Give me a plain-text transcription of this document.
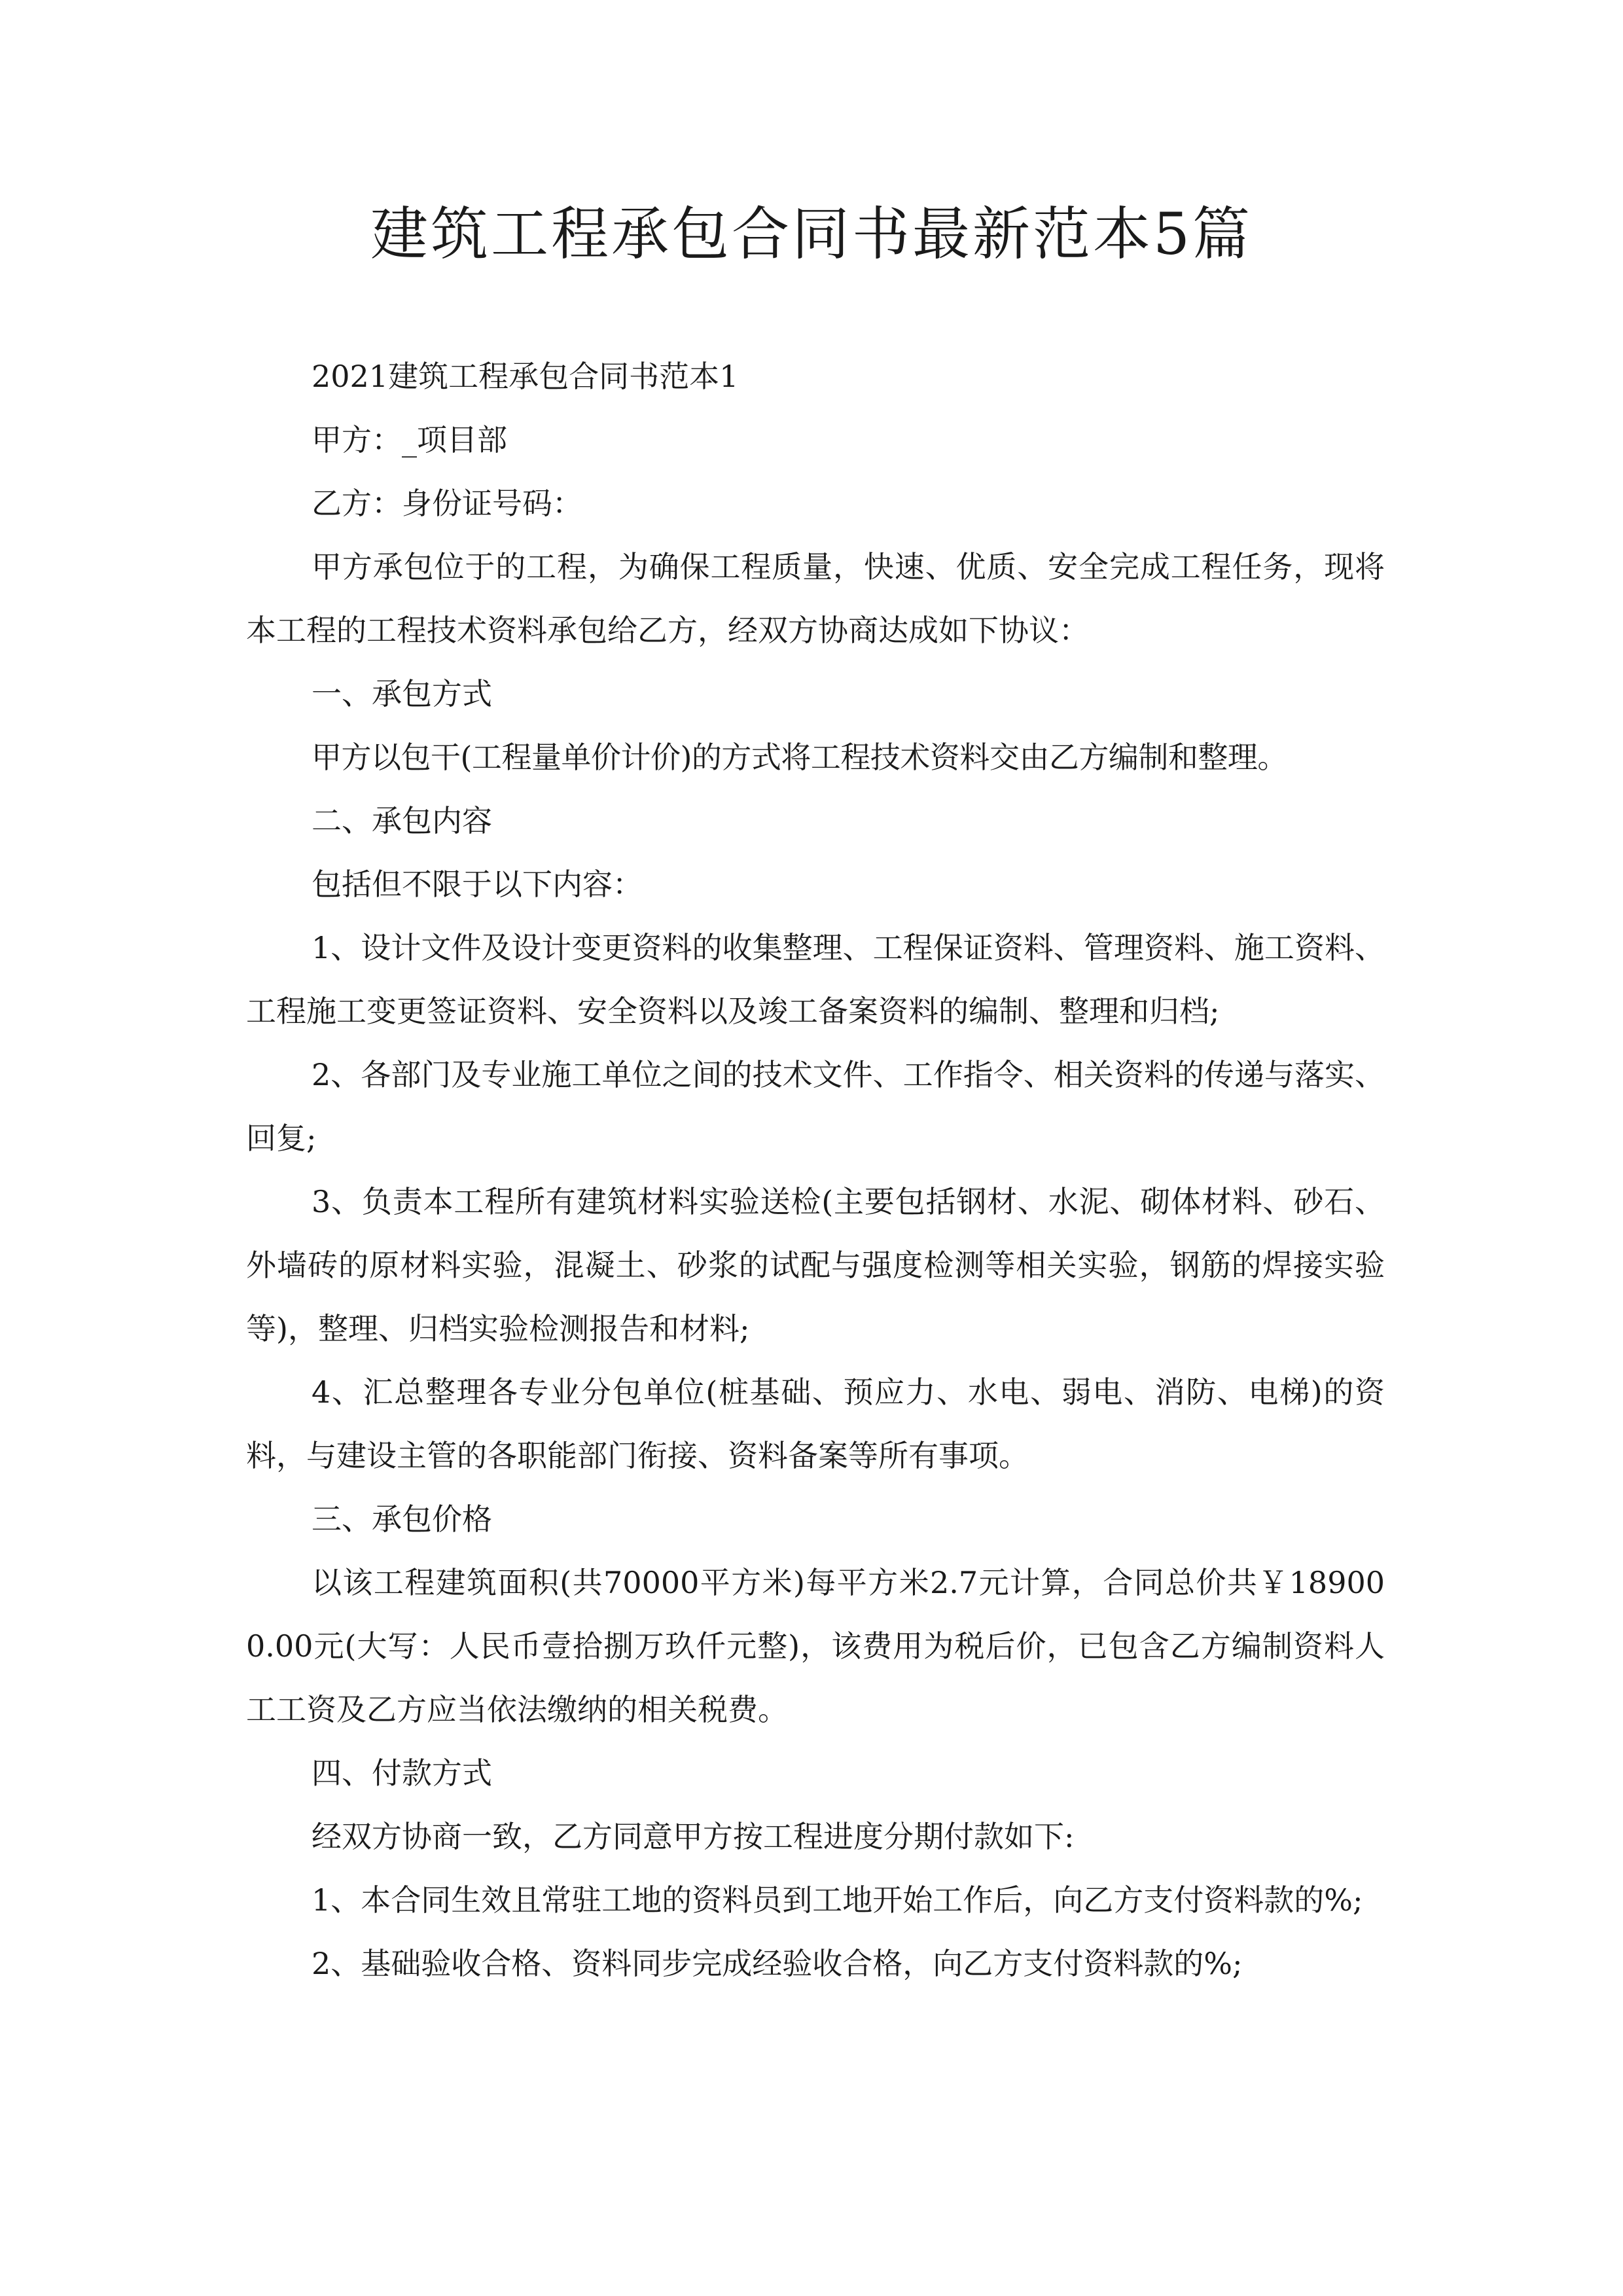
建筑工程承包合同书最新范本5篇

2021建筑工程承包合同书范本1

甲方：_项目部

乙方：身份证号码：

甲方承包位于的工程，为确保工程质量，快速、优质、安全完成工程任务，现将本工程的工程技术资料承包给乙方，经双方协商达成如下协议：

一、承包方式

甲方以包干(工程量单价计价)的方式将工程技术资料交由乙方编制和整理。

二、承包内容

包括但不限于以下内容：

1、设计文件及设计变更资料的收集整理、工程保证资料、管理资料、施工资料、工程施工变更签证资料、安全资料以及竣工备案资料的编制、整理和归档;

2、各部门及专业施工单位之间的技术文件、工作指令、相关资料的传递与落实、回复;

3、负责本工程所有建筑材料实验送检(主要包括钢材、水泥、砌体材料、砂石、外墙砖的原材料实验，混凝土、砂浆的试配与强度检测等相关实验，钢筋的焊接实验等)，整理、归档实验检测报告和材料;

4、汇总整理各专业分包单位(桩基础、预应力、水电、弱电、消防、电梯)的资料，与建设主管的各职能部门衔接、资料备案等所有事项。

三、承包价格

以该工程建筑面积(共70000平方米)每平方米2.7元计算，合同总价共￥189000.00元(大写：人民币壹拾捌万玖仟元整)，该费用为税后价，已包含乙方编制资料人工工资及乙方应当依法缴纳的相关税费。

四、付款方式

经双方协商一致，乙方同意甲方按工程进度分期付款如下:

1、本合同生效且常驻工地的资料员到工地开始工作后，向乙方支付资料款的%;

2、基础验收合格、资料同步完成经验收合格，向乙方支付资料款的%;
